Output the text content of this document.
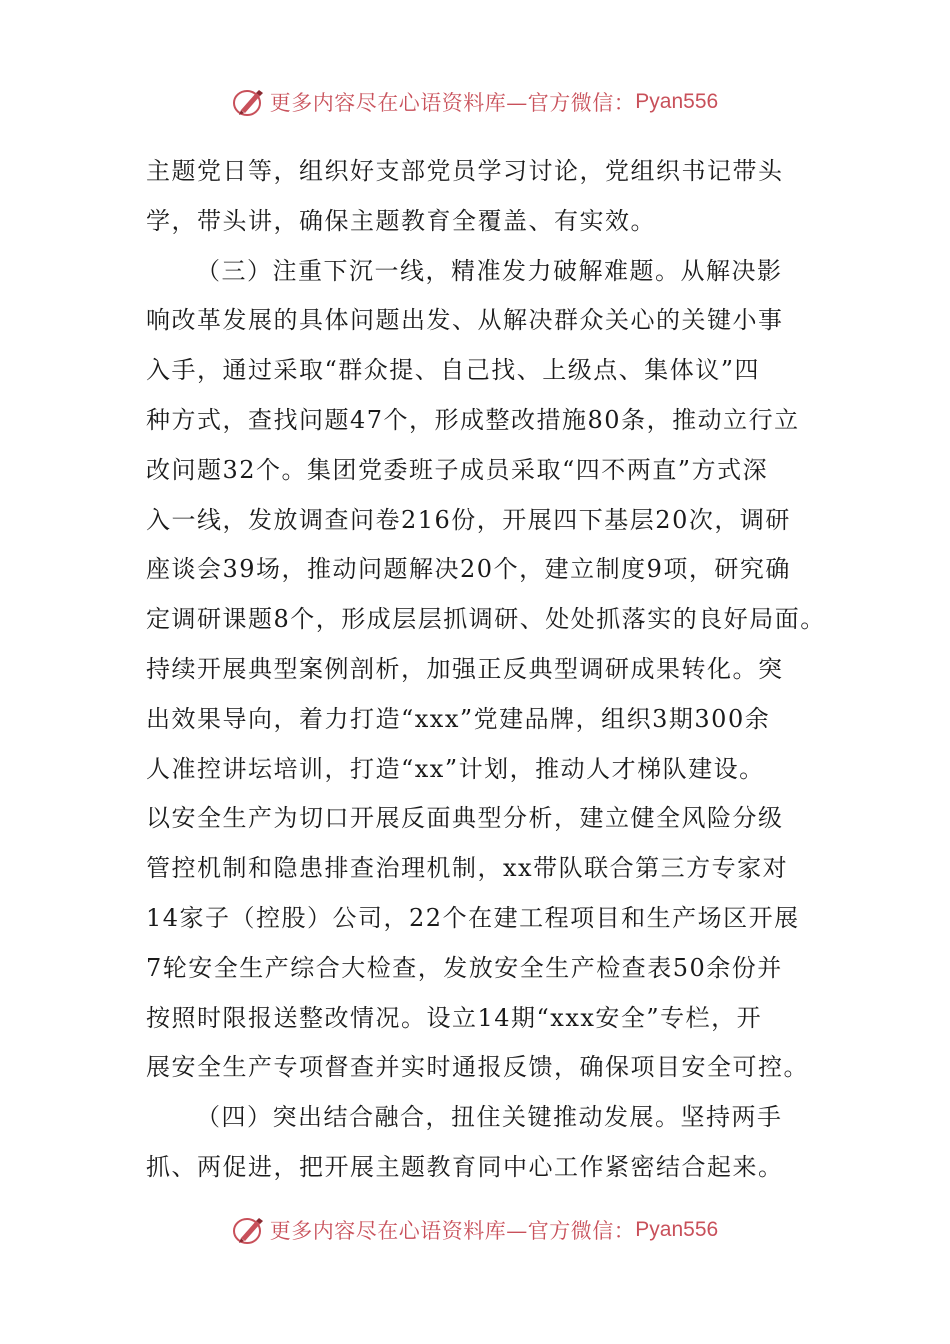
更多内容尽在心语资料库—官方微信： Pyan556
主题党日等，组织好支部党员学习讨论，党组织书记带头
学，带头讲，确保主题教育全覆盖、有实效。
（三）注重下沉一线，精准发力破解难题。从解决影
响改革发展的具体问题出发、从解决群众关心的关键小事
入手，通过采取“群众提、自己找、上级点、集体议”四
种方式，查找问题47个，形成整改措施80条，推动立行立
改问题32个。集团党委班子成员采取“四不两直”方式深
入一线，发放调查问卷216份，开展四下基层20次，调研
座谈会39场，推动问题解决20个，建立制度9项，研究确
定调研课题8个，形成层层抓调研、处处抓落实的良好局面。
持续开展典型案例剖析，加强正反典型调研成果转化。突
出效果导向，着力打造“xxx”党建品牌，组织3期300余
人准控讲坛培训，打造“xx”计划，推动人才梯队建设。
以安全生产为切口开展反面典型分析，建立健全风险分级
管控机制和隐患排查治理机制，xx带队联合第三方专家对
14家子（控股）公司，22个在建工程项目和生产场区开展
7轮安全生产综合大检查，发放安全生产检查表50余份并
按照时限报送整改情况。设立14期“xxx安全”专栏，开
展安全生产专项督查并实时通报反馈，确保项目安全可控。
（四）突出结合融合，扭住关键推动发展。坚持两手
抓、两促进，把开展主题教育同中心工作紧密结合起来。
更多内容尽在心语资料库—官方微信： Pyan556
